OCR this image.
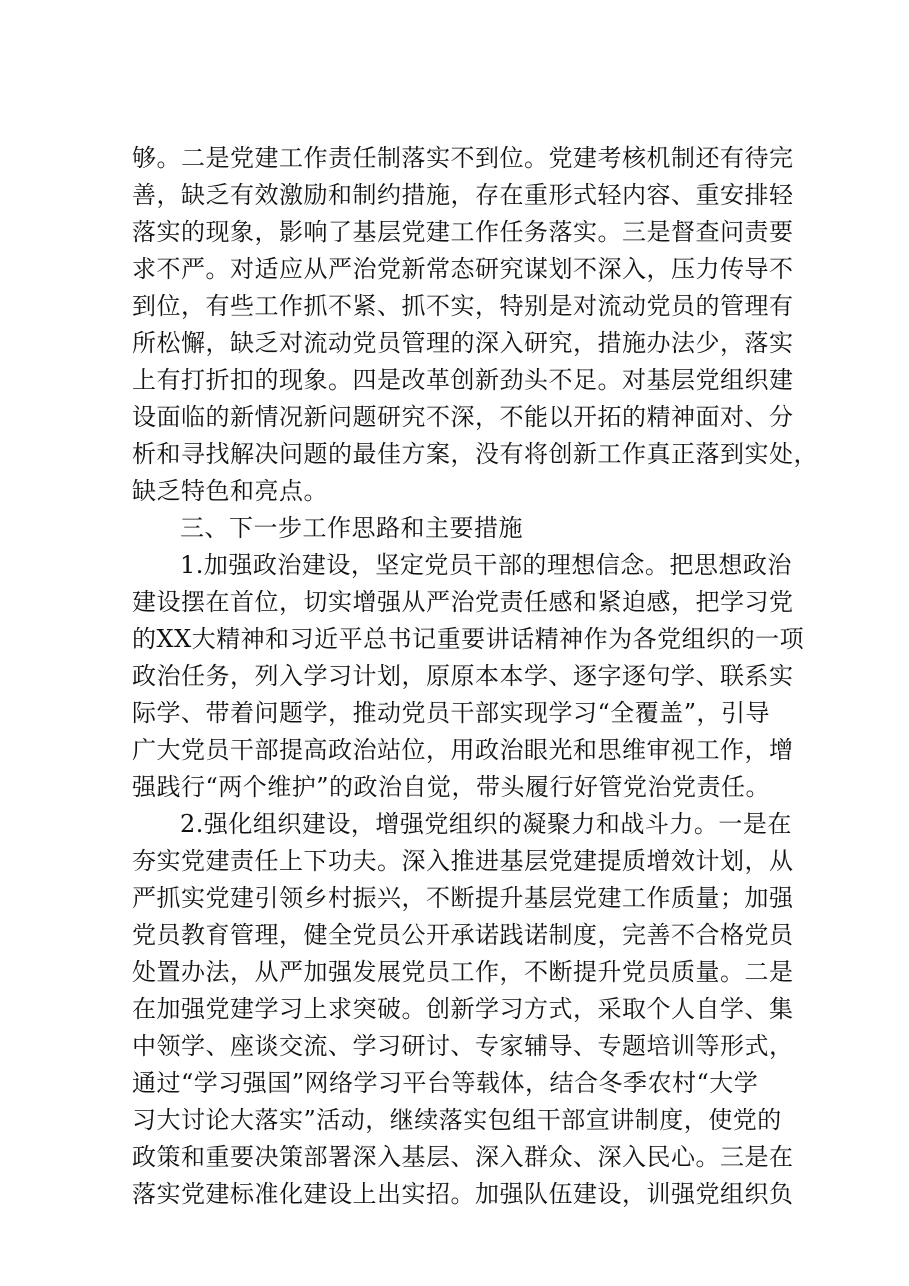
够。二是党建工作责任制落实不到位。党建考核机制还有待完
善，缺乏有效激励和制约措施，存在重形式轻内容、重安排轻
落实的现象，影响了基层党建工作任务落实。三是督查问责要
求不严。对适应从严治党新常态研究谋划不深入，压力传导不
到位，有些工作抓不紧、抓不实，特别是对流动党员的管理有
所松懈，缺乏对流动党员管理的深入研究，措施办法少，落实
上有打折扣的现象。四是改革创新劲头不足。对基层党组织建
设面临的新情况新问题研究不深，不能以开拓的精神面对、分
析和寻找解决问题的最佳方案，没有将创新工作真正落到实处，
缺乏特色和亮点。

三、下一步工作思路和主要措施

1.加强政治建设，坚定党员干部的理想信念。把思想政治
建设摆在首位，切实增强从严治党责任感和紧迫感，把学习党
的XX大精神和习近平总书记重要讲话精神作为各党组织的一项
政治任务，列入学习计划，原原本本学、逐字逐句学、联系实
际学、带着问题学，推动党员干部实现学习“全覆盖”，引导
广大党员干部提高政治站位，用政治眼光和思维审视工作，增
强践行“两个维护”的政治自觉，带头履行好管党治党责任。

2.强化组织建设，增强党组织的凝聚力和战斗力。一是在
夯实党建责任上下功夫。深入推进基层党建提质增效计划，从
严抓实党建引领乡村振兴，不断提升基层党建工作质量；加强
党员教育管理，健全党员公开承诺践诺制度，完善不合格党员
处置办法，从严加强发展党员工作，不断提升党员质量。二是
在加强党建学习上求突破。创新学习方式，采取个人自学、集
中领学、座谈交流、学习研讨、专家辅导、专题培训等形式，
通过“学习强国”网络学习平台等载体，结合冬季农村“大学
习大讨论大落实”活动，继续落实包组干部宣讲制度，使党的
政策和重要决策部署深入基层、深入群众、深入民心。三是在
落实党建标准化建设上出实招。加强队伍建设，训强党组织负
